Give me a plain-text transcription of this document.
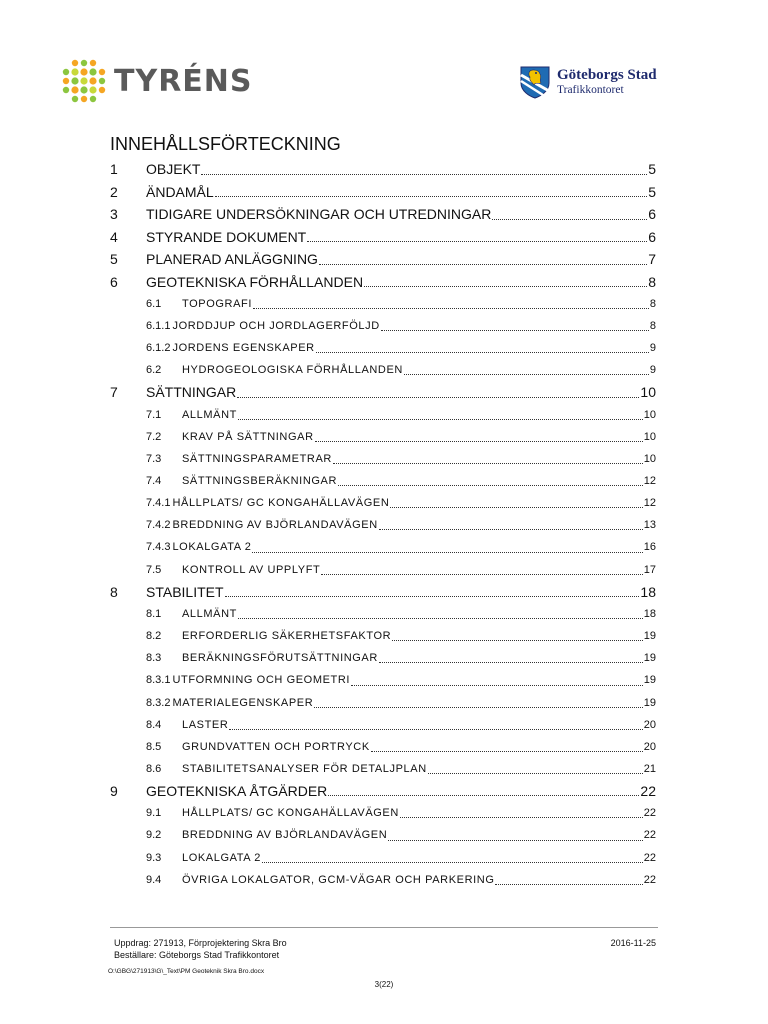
TYRÉNS	Göteborgs Stad
Trafikkontoret
INNEHÅLLSFÖRTECKNING
1	OBJEKT	5
2	ÄNDAMÅL	5
3	TIDIGARE UNDERSÖKNINGAR OCH UTREDNINGAR	6
4	STYRANDE DOKUMENT	6
5	PLANERAD ANLÄGGNING	7
6	GEOTEKNISKA FÖRHÅLLANDEN	8
6.1	TOPOGRAFI	8
6.1.1 JORDDJUP OCH JORDLAGERFÖLJD	8
6.1.2 JORDENS EGENSKAPER	9
6.2	HYDROGEOLOGISKA FÖRHÅLLANDEN	9
7	SÄTTNINGAR	10
7.1	ALLMÄNT	10
7.2	KRAV PÅ SÄTTNINGAR	10
7.3	SÄTTNINGSPARAMETRAR	10
7.4	SÄTTNINGSBERÄKNINGAR	12
7.4.1 HÅLLPLATS/ GC KONGAHÄLLAVÄGEN	12
7.4.2 BREDDNING AV BJÖRLANDAVÄGEN	13
7.4.3 LOKALGATA 2	16
7.5	KONTROLL AV UPPLYFT	17
8	STABILITET	18
8.1	ALLMÄNT	18
8.2	ERFORDERLIG SÄKERHETSFAKTOR	19
8.3	BERÄKNINGSFÖRUTSÄTTNINGAR	19
8.3.1 UTFORMNING OCH GEOMETRI	19
8.3.2 MATERIALEGENSKAPER	19
8.4	LASTER	20
8.5	GRUNDVATTEN OCH PORTRYCK	20
8.6	STABILITETSANALYSER FÖR DETALJPLAN	21
9	GEOTEKNISKA ÅTGÄRDER	22
9.1	HÅLLPLATS/ GC KONGAHÄLLAVÄGEN	22
9.2	BREDDNING AV BJÖRLANDAVÄGEN	22
9.3	LOKALGATA 2	22
9.4	ÖVRIGA LOKALGATOR, GCM-VÄGAR OCH PARKERING	22
Uppdrag: 271913, Förprojektering Skra Bro
Beställare: Göteborgs Stad Trafikkontoret
2016-11-25
O:\GBG\271913\G\_Text\PM Geoteknik Skra Bro.docx
3(22)
